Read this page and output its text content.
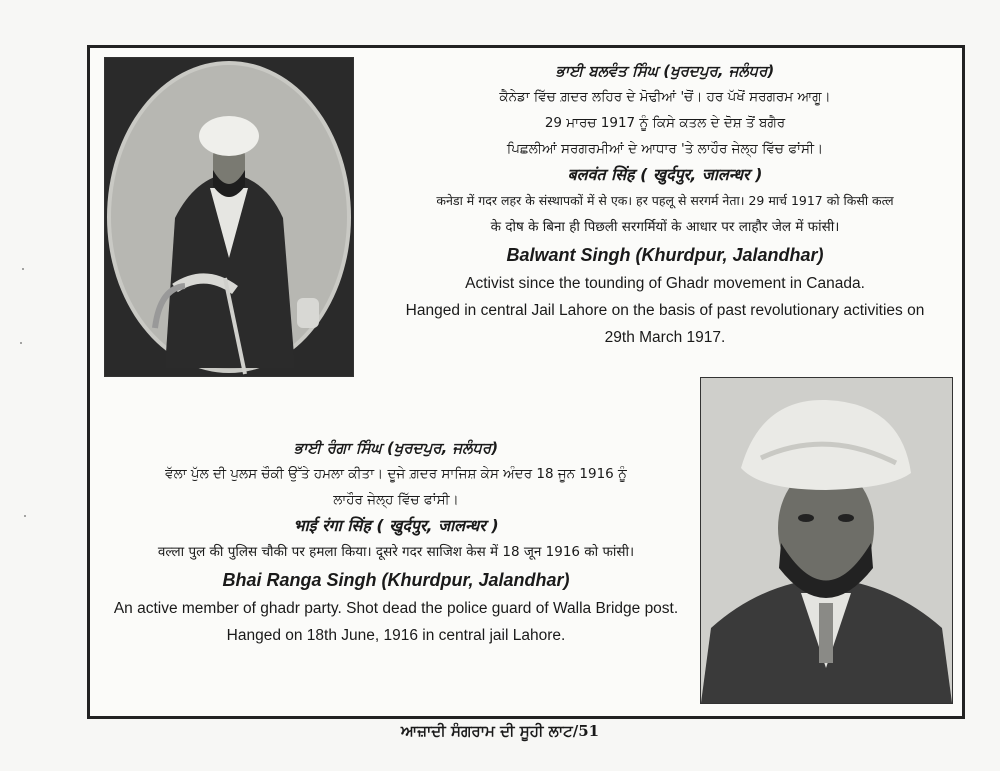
ਭਾਈ ਬਲਵੰਤ ਸਿੰਘ (ਖੁਰਦਪੁਰ, ਜਲੰਧਰ)
ਕੈਨੇਡਾ ਵਿੱਚ ਗ਼ਦਰ ਲਹਿਰ ਦੇ ਮੋਢੀਆਂ 'ਚੋਂ। ਹਰ ਪੱਖੋਂ ਸਰਗਰਮ ਆਗੂ।
29 ਮਾਰਚ 1917 ਨੂੰ ਕਿਸੇ ਕਤਲ ਦੇ ਦੋਸ਼ ਤੋਂ ਬਗੈਰ
ਪਿਛਲੀਆਂ ਸਰਗਰਮੀਆਂ ਦੇ ਆਧਾਰ 'ਤੇ ਲਾਹੌਰ ਜੇਲ੍ਹ ਵਿੱਚ ਫਾਂਸੀ।
बलवंत सिंह ( खुर्दपुर, जालन्धर )
कनेडा में गदर लहर के संस्थापकों में से एक। हर पहलू से सरगर्म नेता। 29 मार्च 1917 को किसी कत्ल
के दोष के बिना ही पिछली सरगर्मियों के आधार पर लाहौर जेल में फांसी।
Balwant Singh (Khurdpur, Jalandhar)
Activist since the tounding of Ghadr movement in Canada.
Hanged in central Jail Lahore on the basis of past revolutionary activities on
29th March 1917.
ਭਾਈ ਰੰਗਾ ਸਿੰਘ (ਖੁਰਦਪੁਰ, ਜਲੰਧਰ)
ਵੱਲਾ ਪੁੱਲ ਦੀ ਪੁਲਸ ਚੌਕੀ ਉੱਤੇ ਹਮਲਾ ਕੀਤਾ। ਦੂਜੇ ਗ਼ਦਰ ਸਾਜਿਸ਼ ਕੇਸ ਅੰਦਰ 18 ਜੂਨ 1916 ਨੂੰ
ਲਾਹੌਰ ਜੇਲ੍ਹ ਵਿੱਚ ਫਾਂਸੀ।
भाई रंगा सिंह ( खुर्दपुर, जालन्धर )
वल्ला पुल की पुलिस चौकी पर हमला किया। दूसरे गदर साजिश केस में 18 जून 1916 को फांसी।
Bhai Ranga Singh (Khurdpur, Jalandhar)
An active member of ghadr party. Shot dead the police guard of Walla Bridge post.
Hanged on 18th June, 1916 in central jail Lahore.
ਆਜ਼ਾਦੀ ਸੰਗਰਾਮ ਦੀ ਸੂਹੀ ਲਾਟ/51
